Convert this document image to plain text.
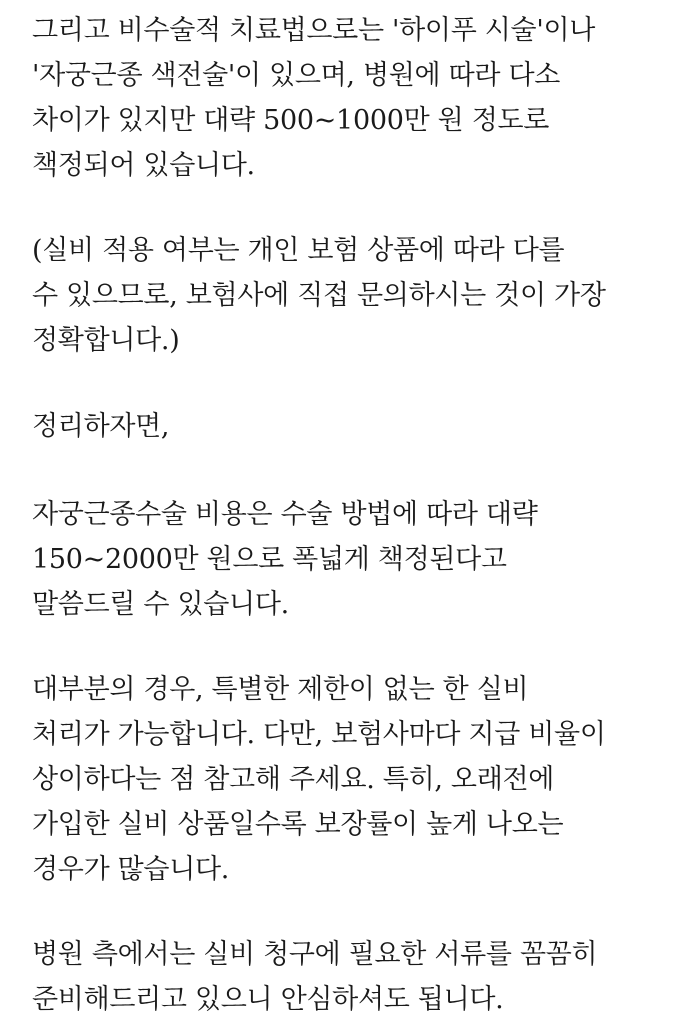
그리고 비수술적 치료법으로는 '하이푸 시술'이나
'자궁근종 색전술'이 있으며, 병원에 따라 다소
차이가 있지만 대략 500~1000만 원 정도로
책정되어 있습니다.

(실비 적용 여부는 개인 보험 상품에 따라 다를
수 있으므로, 보험사에 직접 문의하시는 것이 가장
정확합니다.)

정리하자면,

자궁근종수술 비용은 수술 방법에 따라 대략
150~2000만 원으로 폭넓게 책정된다고
말씀드릴 수 있습니다.

대부분의 경우, 특별한 제한이 없는 한 실비
처리가 가능합니다. 다만, 보험사마다 지급 비율이
상이하다는 점 참고해 주세요. 특히, 오래전에
가입한 실비 상품일수록 보장률이 높게 나오는
경우가 많습니다.

병원 측에서는 실비 청구에 필요한 서류를 꼼꼼히
준비해드리고 있으니 안심하셔도 됩니다.
